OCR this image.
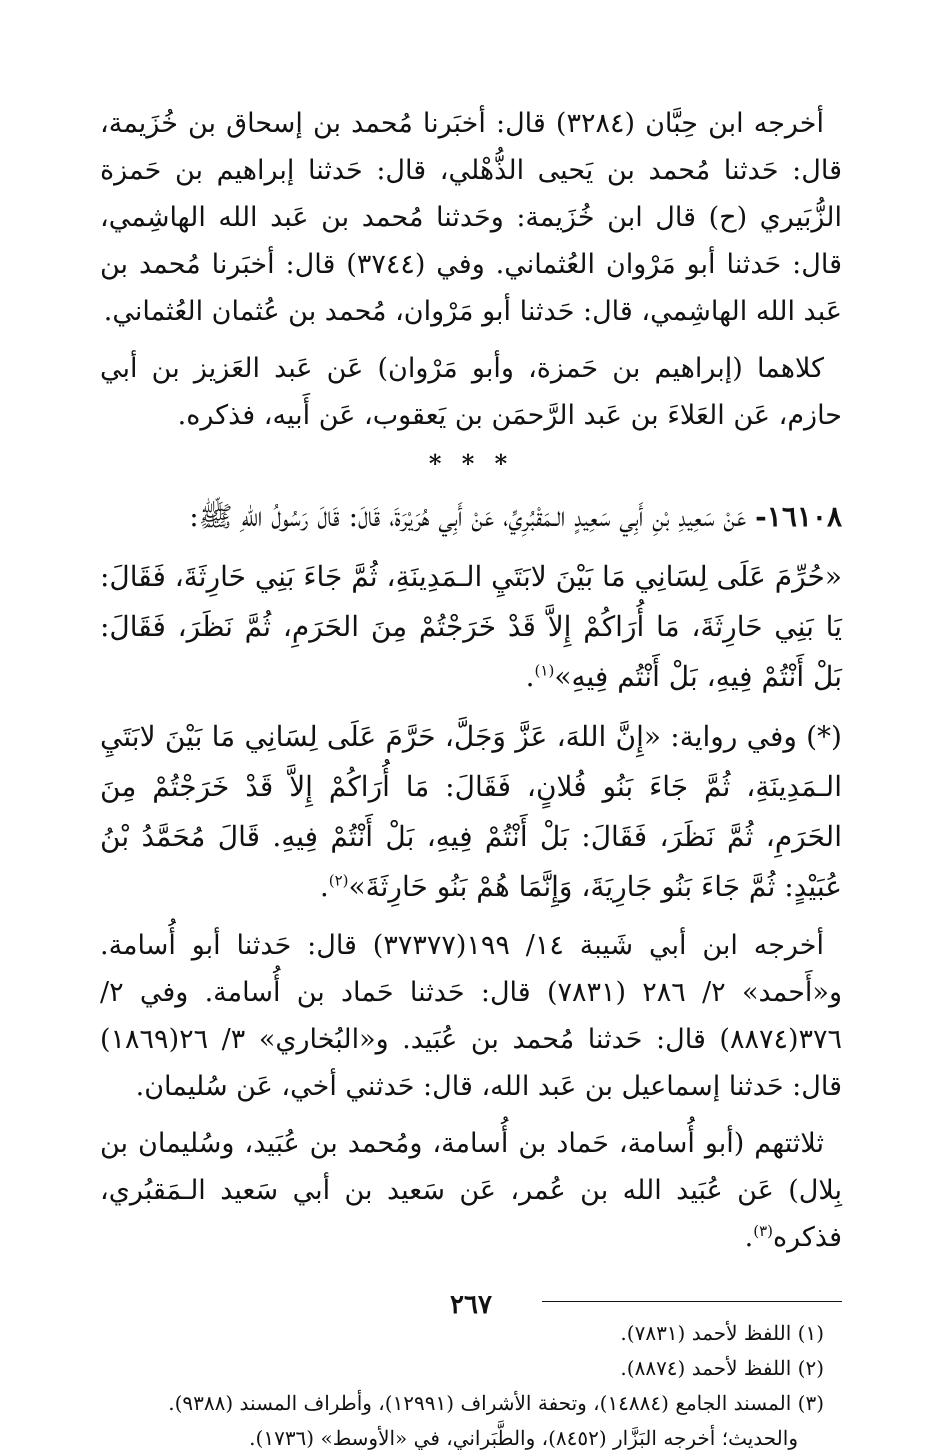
أخرجه ابن حِبَّان (٣٢٨٤) قال: أخبَرنا مُحمد بن إسحاق بن خُزَيمة، قال: حَدثنا مُحمد بن يَحيى الذُّهْلي، قال: حَدثنا إبراهيم بن حَمزة الزُّبَيري (ح) قال ابن خُزَيمة: وحَدثنا مُحمد بن عَبد الله الهاشِمي، قال: حَدثنا أبو مَرْوان العُثماني. وفي (٣٧٤٤) قال: أخبَرنا مُحمد بن عَبد الله الهاشِمي، قال: حَدثنا أبو مَرْوان، مُحمد بن عُثمان العُثماني.

كلاهما (إبراهيم بن حَمزة، وأبو مَرْوان) عَن عَبد العَزيز بن أبي حازم، عَن العَلاءَ بن عَبد الرَّحمَن بن يَعقوب، عَن أَبيه، فذكره.

* * *

١٦١٠٨- عَنْ سَعِيدِ بْنِ أَبِي سَعِيدٍ الـمَقْبُرِيِّ، عَنْ أَبِي هُرَيْرَةَ، قَالَ: قَالَ رَسُولُ اللهِ ﷺ:

«حُرِّمَ عَلَى لِسَانِي مَا بَيْنَ لابَتَيِ الـمَدِينَةِ، ثُمَّ جَاءَ بَنِي حَارِثَةَ، فَقَالَ: يَا بَنِي حَارِثَةَ، مَا أُرَاكُمْ إِلاَّ قَدْ خَرَجْتُمْ مِنَ الحَرَمِ، ثُمَّ نَظَرَ، فَقَالَ: بَلْ أَنْتُمْ فِيهِ، بَلْ أَنْتُم فِيهِ»$^{(١)}$.

(*) وفي رواية: «إِنَّ اللهَ، عَزَّ وَجَلَّ، حَرَّمَ عَلَى لِسَانِي مَا بَيْنَ لابَتَيِ الـمَدِينَةِ، ثُمَّ جَاءَ بَنُو فُلانٍ، فَقَالَ: مَا أُرَاكُمْ إِلاَّ قَدْ خَرَجْتُمْ مِنَ الحَرَمِ، ثُمَّ نَظَرَ، فَقَالَ: بَلْ أَنْتُمْ فِيهِ، بَلْ أَنْتُمْ فِيهِ. قَالَ مُحَمَّدُ بْنُ عُبَيْدٍ: ثُمَّ جَاءَ بَنُو جَارِيَةَ، وَإِنَّمَا هُمْ بَنُو حَارِثَةَ»$^{(٢)}$.

أخرجه ابن أبي شَيبة ١٤/ ١٩٩(٣٧٣٧٧) قال: حَدثنا أبو أُسامة. و«أَحمد» ٢/ ٢٨٦ (٧٨٣١) قال: حَدثنا حَماد بن أُسامة. وفي ٢/ ٣٧٦(٨٨٧٤) قال: حَدثنا مُحمد بن عُبَيد. و«البُخاري» ٣/ ٢٦(١٨٦٩) قال: حَدثنا إسماعيل بن عَبد الله، قال: حَدثني أخي، عَن سُليمان.

ثلاثتهم (أبو أُسامة، حَماد بن أُسامة، ومُحمد بن عُبَيد، وسُليمان بن بِلال) عَن عُبَيد الله بن عُمر، عَن سَعيد بن أبي سَعيد الـمَقبُري، فذكره$^{(٣)}$.

(١) اللفظ لأحمد (٧٨٣١).
(٢) اللفظ لأحمد (٨٨٧٤).
(٣) المسند الجامع (١٤٨٨٤)، وتحفة الأشراف (١٢٩٩١)، وأطراف المسند (٩٣٨٨).
والحديث؛ أخرجه البَزَّار (٨٤٥٢)، والطَّبَراني، في «الأوسط» (١٧٣٦).
٢٦٧
